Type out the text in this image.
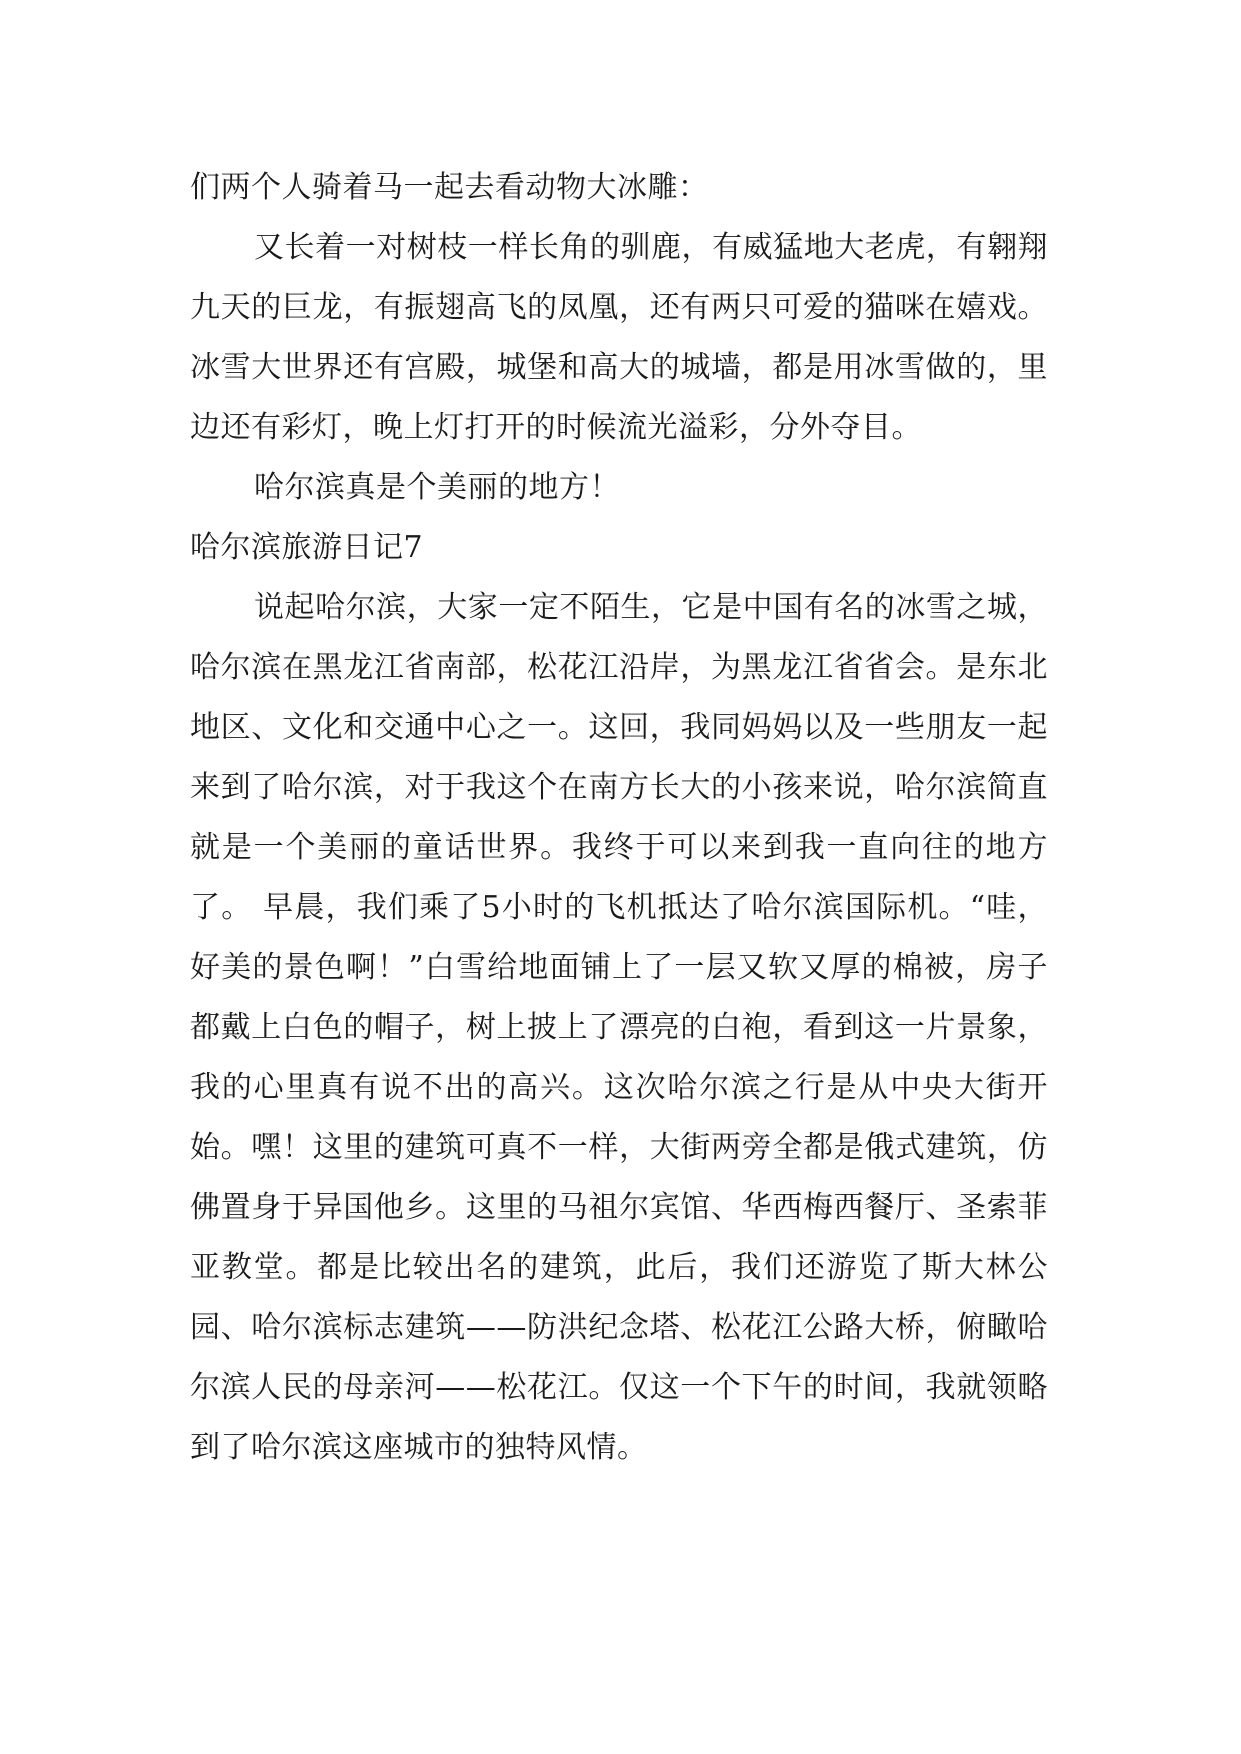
们两个人骑着马一起去看动物大冰雕：

又长着一对树枝一样长角的驯鹿，有威猛地大老虎，有翱翔九天的巨龙，有振翅高飞的凤凰，还有两只可爱的猫咪在嬉戏。冰雪大世界还有宫殿，城堡和高大的城墙，都是用冰雪做的，里边还有彩灯，晚上灯打开的时候流光溢彩，分外夺目。

哈尔滨真是个美丽的地方！

哈尔滨旅游日记7

说起哈尔滨，大家一定不陌生，它是中国有名的冰雪之城，哈尔滨在黑龙江省南部，松花江沿岸，为黑龙江省省会。是东北地区、文化和交通中心之一。这回，我同妈妈以及一些朋友一起来到了哈尔滨，对于我这个在南方长大的小孩来说，哈尔滨简直就是一个美丽的童话世界。我终于可以来到我一直向往的地方了。 早晨，我们乘了5小时的飞机抵达了哈尔滨国际机。“哇，好美的景色啊！”白雪给地面铺上了一层又软又厚的棉被，房子都戴上白色的帽子，树上披上了漂亮的白袍，看到这一片景象，我的心里真有说不出的高兴。这次哈尔滨之行是从中央大街开始。嘿！这里的建筑可真不一样，大街两旁全都是俄式建筑，仿佛置身于异国他乡。这里的马祖尔宾馆、华西梅西餐厅、圣索菲亚教堂。都是比较出名的建筑，此后，我们还游览了斯大林公园、哈尔滨标志建筑——防洪纪念塔、松花江公路大桥，俯瞰哈尔滨人民的母亲河——松花江。仅这一个下午的时间，我就领略到了哈尔滨这座城市的独特风情。
